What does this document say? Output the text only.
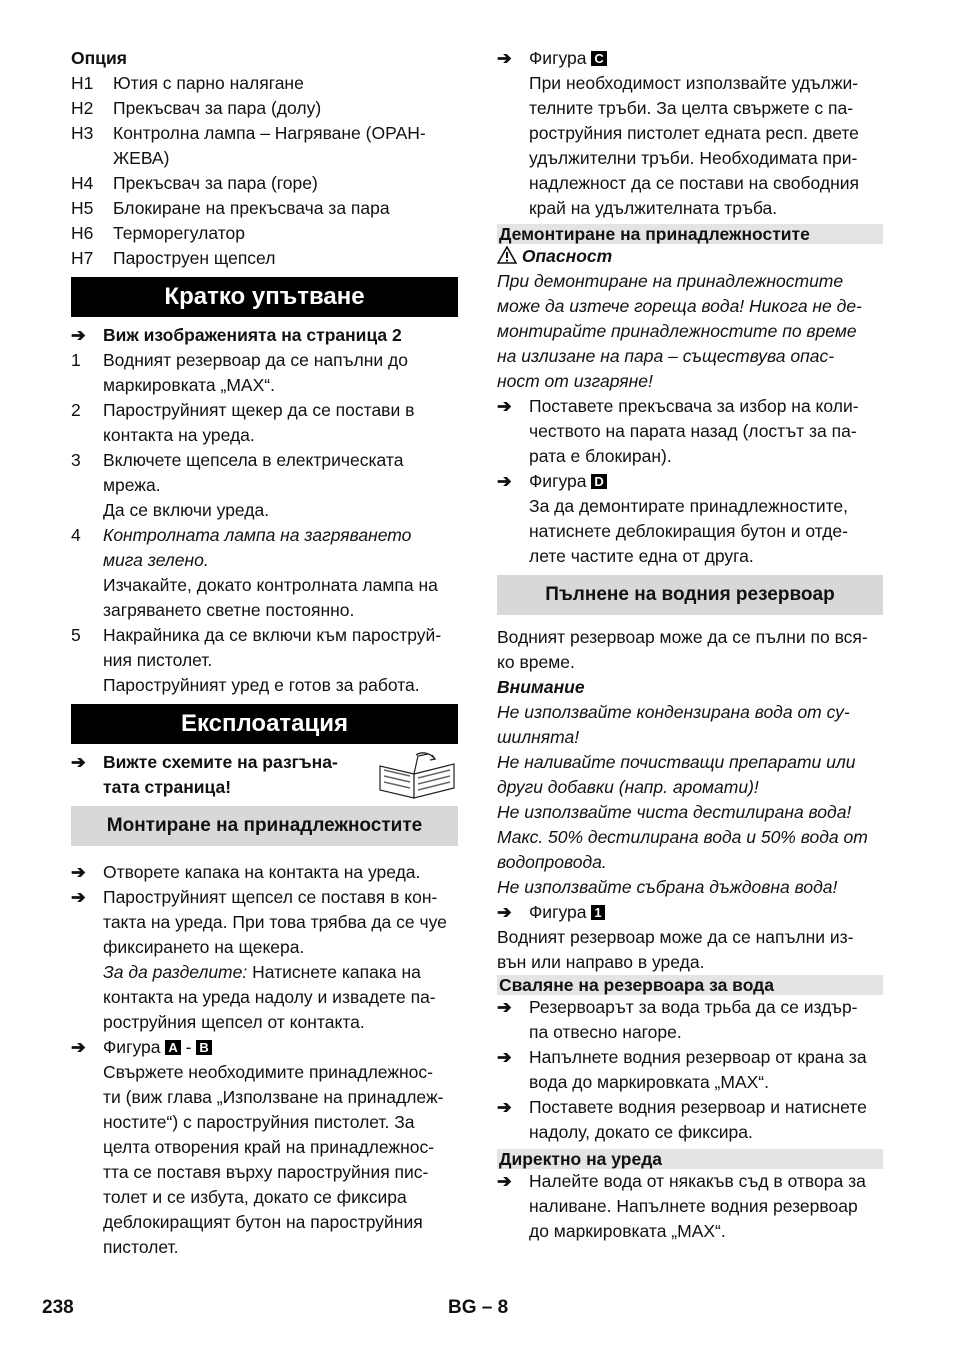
Опция
H1	Ютия с парно налягане
H2	Прекъсвач за пара (долу)
H3	Контролна лампа – Нагряване (ОРАН-
ЖЕВА)
H4	Прекъсвач за пара (горе)
H5	Блокиране на прекъсвача за пара
H6	Терморегулатор
H7	Пароструен щепсел
Кратко упътване
➔ Виж изображенията на страница 2
1	Водният резервоар да се напълни до
маркировката „MAX“.
2	Пароструйният щекер да се постави в
контакта на уреда.
3	Включете щепсела в електрическата
мрежа.
Да се включи уреда.
4	Контролната лампа на загряването
мига зелено.
Изчакайте, докато контролната лампа на
загряването светне постоянно.
5	Накрайника да се включи към пароструй-
ния пистолет.
Пароструйният уред е готов за работа.
Експлоатация
➔ Вижте схемите на разгъна-
тата страница!
Монтиране на принадлежностите
➔ Отворете капака на контакта на уреда.
➔ Пароструйният щепсел се поставя в кон-
такта на уреда. При това трябва да се чуе
фиксирането на щекера.
За да разделите: Натиснете капака на
контакта на уреда надолу и извадете па-
роструйния щепсел от контакта.
➔ Фигура A - B
Свържете необходимите принадлежнос-
ти (виж глава „Използване на принадлеж-
ностите“) с пароструйния пистолет. За
целта отворения край на принадлежнос-
тта се поставя върху пароструйния пис-
толет и се избута, докато се фиксира
деблокиращият бутон на пароструйния
пистолет.
➔ Фигура C
При необходимост използвайте удължи-
телните тръби. За целта свържете с па-
роструйния пистолет едната респ. двете
удължителни тръби. Необходимата при-
надлежност да се постави на свободния
край на удължителната тръба.
Демонтиране на принадлежностите
Опасност
При демонтиране на принадлежностите
може да изтече гореща вода! Никога не де-
монтирайте принадлежностите по време
на излизане на пара – съществува опас-
ност от изгаряне!
➔ Поставете прекъсвача за избор на коли-
чеството на парата назад (лостът за па-
рата е блокиран).
➔ Фигура D
За да демонтирате принадлежностите,
натиснете деблокиращия бутон и отде-
лете частите една от друга.
Пълнене на водния резервоар
Водният резервоар може да се пълни по вся-
ко време.
Внимание
Не използвайте кондензирана вода от су-
шилнята!
Не наливайте почистващи препарати или
други добавки (напр. аромати)!
Не използвайте чиста дестилирана вода!
Макс. 50% дестилирана вода и 50% вода от
водопровода.
Не използвайте събрана дъждовна вода!
➔ Фигура 1
Водният резервоар може да се напълни из-
вън или направо в уреда.
Сваляне на резервоара за вода
➔ Резервоарът за вода трьба да се издър-
па отвесно нагоре.
➔ Напълнете водния резервоар от крана за
вода до маркировката „MAX“.
➔ Поставете водния резервоар и натиснете
надолу, докато се фиксира.
Директно на уреда
➔ Налейте вода от някакъв съд в отвора за
наливане. Напълнете водния резервоар
до маркировката „MAX“.
238	BG – 8
